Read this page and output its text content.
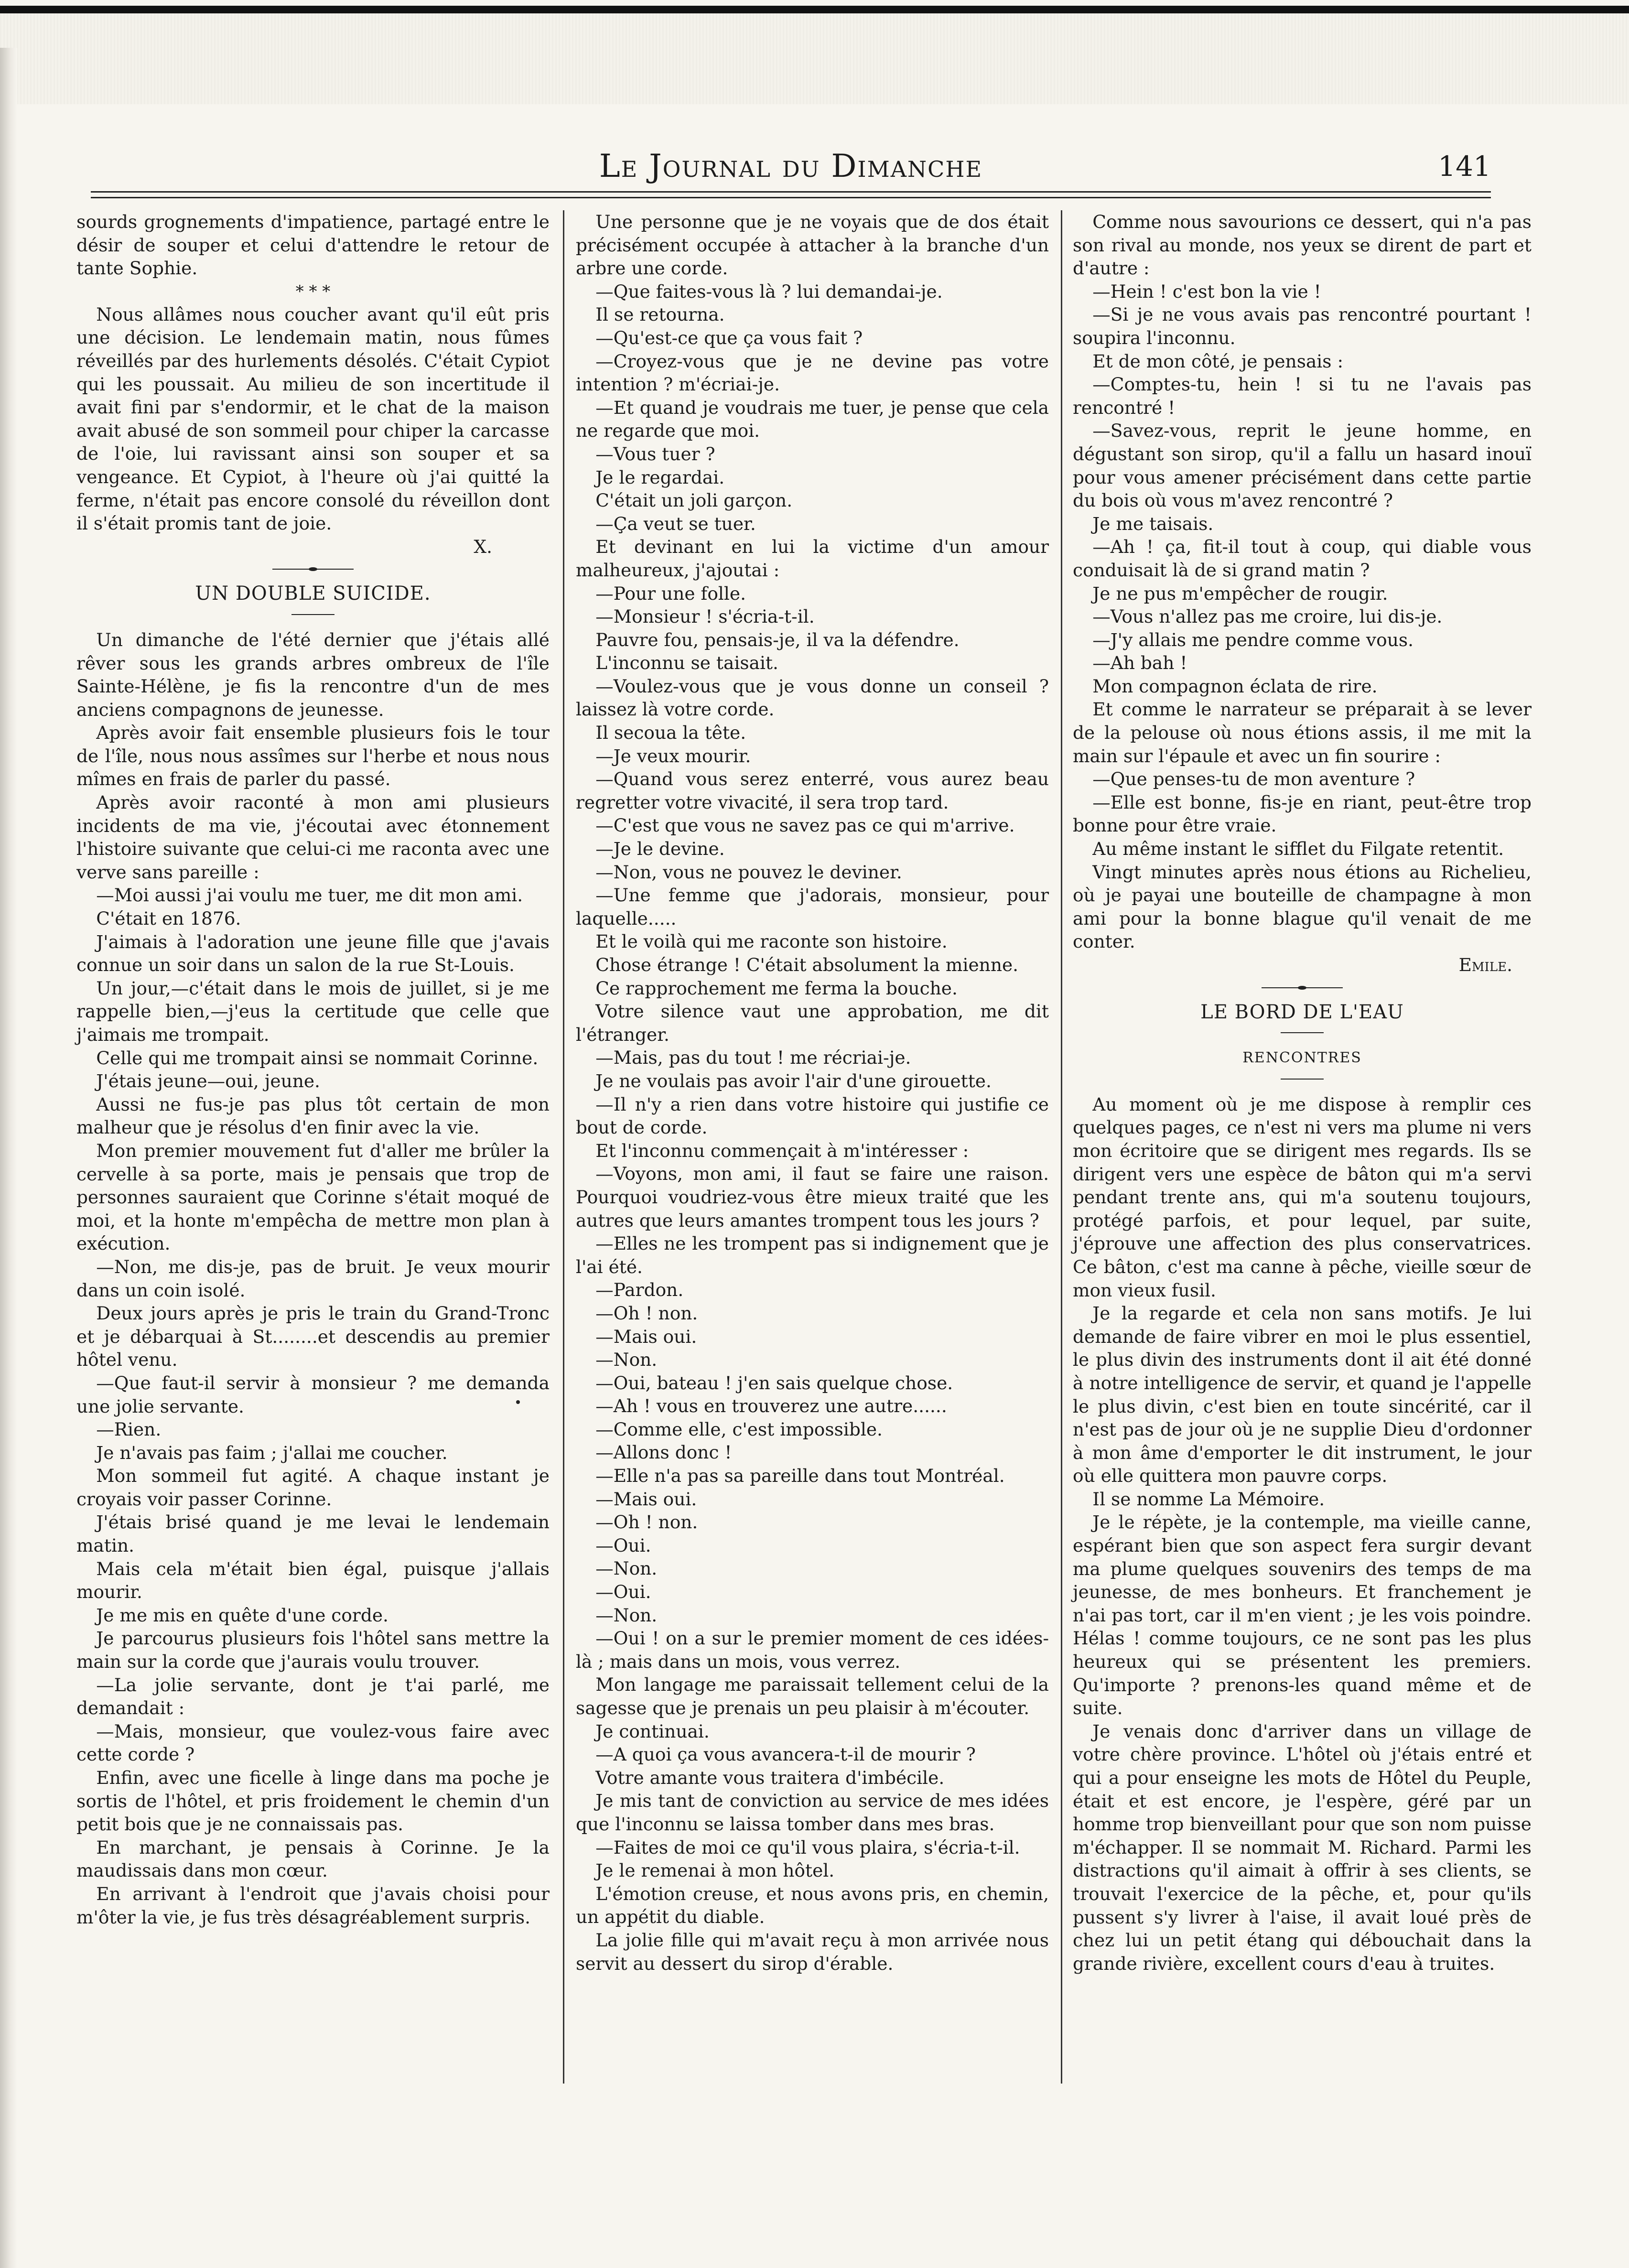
Le Journal du Dimanche	141

sourds grognements d'impatience, partagé entre le désir de souper et celui d'attendre le retour de tante Sophie.

* * *

Nous allâmes nous coucher avant qu'il eût pris une décision. Le lendemain matin, nous fûmes réveillés par des hurlements désolés. C'était Cypiot qui les poussait. Au milieu de son incertitude il avait fini par s'endormir, et le chat de la maison avait abusé de son sommeil pour chiper la carcasse de l'oie, lui ravissant ainsi son souper et sa vengeance. Et Cypiot, à l'heure où j'ai quitté la ferme, n'était pas encore consolé du réveillon dont il s'était promis tant de joie.

X.

UN DOUBLE SUICIDE.

Un dimanche de l'été dernier que j'étais allé rêver sous les grands arbres ombreux de l'île Sainte-Hélène, je fis la rencontre d'un de mes anciens compagnons de jeunesse.

Après avoir fait ensemble plusieurs fois le tour de l'île, nous nous assîmes sur l'herbe et nous nous mîmes en frais de parler du passé.

Après avoir raconté à mon ami plusieurs incidents de ma vie, j'écoutai avec étonnement l'histoire suivante que celui-ci me raconta avec une verve sans pareille :

—Moi aussi j'ai voulu me tuer, me dit mon ami.

C'était en 1876.

J'aimais à l'adoration une jeune fille que j'avais connue un soir dans un salon de la rue St-Louis.

Un jour,—c'était dans le mois de juillet, si je me rappelle bien,—j'eus la certitude que celle que j'aimais me trompait.

Celle qui me trompait ainsi se nommait Corinne.

J'étais jeune—oui, jeune.

Aussi ne fus-je pas plus tôt certain de mon malheur que je résolus d'en finir avec la vie.

Mon premier mouvement fut d'aller me brûler la cervelle à sa porte, mais je pensais que trop de personnes sauraient que Corinne s'était moqué de moi, et la honte m'empêcha de mettre mon plan à exécution.

—Non, me dis-je, pas de bruit. Je veux mourir dans un coin isolé.

Deux jours après je pris le train du Grand-Tronc et je débarquai à St........et descendis au premier hôtel venu.

—Que faut-il servir à monsieur ? me demanda une jolie servante.

—Rien.

Je n'avais pas faim ; j'allai me coucher.

Mon sommeil fut agité. A chaque instant je croyais voir passer Corinne.

J'étais brisé quand je me levai le lendemain matin.

Mais cela m'était bien égal, puisque j'allais mourir.

Je me mis en quête d'une corde.

Je parcourus plusieurs fois l'hôtel sans mettre la main sur la corde que j'aurais voulu trouver.

—La jolie servante, dont je t'ai parlé, me demandait :

—Mais, monsieur, que voulez-vous faire avec cette corde ?

Enfin, avec une ficelle à linge dans ma poche je sortis de l'hôtel, et pris froidement le chemin d'un petit bois que je ne connaissais pas.

En marchant, je pensais à Corinne. Je la maudissais dans mon cœur.

En arrivant à l'endroit que j'avais choisi pour m'ôter la vie, je fus très désagréablement surpris.

Une personne que je ne voyais que de dos était précisément occupée à attacher à la branche d'un arbre une corde.

—Que faites-vous là ? lui demandai-je.

Il se retourna.

—Qu'est-ce que ça vous fait ?

—Croyez-vous que je ne devine pas votre intention ? m'écriai-je.

—Et quand je voudrais me tuer, je pense que cela ne regarde que moi.

—Vous tuer ?

Je le regardai.

C'était un joli garçon.

—Ça veut se tuer.

Et devinant en lui la victime d'un amour malheureux, j'ajoutai :

—Pour une folle.

—Monsieur ! s'écria-t-il.

Pauvre fou, pensais-je, il va la défendre.

L'inconnu se taisait.

—Voulez-vous que je vous donne un conseil ? laissez là votre corde.

Il secoua la tête.

—Je veux mourir.

—Quand vous serez enterré, vous aurez beau regretter votre vivacité, il sera trop tard.

—C'est que vous ne savez pas ce qui m'arrive.

—Je le devine.

—Non, vous ne pouvez le deviner.

—Une femme que j'adorais, monsieur, pour laquelle.....

Et le voilà qui me raconte son histoire.

Chose étrange ! C'était absolument la mienne.

Ce rapprochement me ferma la bouche.

Votre silence vaut une approbation, me dit l'étranger.

—Mais, pas du tout ! me récriai-je.

Je ne voulais pas avoir l'air d'une girouette.

—Il n'y a rien dans votre histoire qui justifie ce bout de corde.

Et l'inconnu commençait à m'intéresser :

—Voyons, mon ami, il faut se faire une raison. Pourquoi voudriez-vous être mieux traité que les autres que leurs amantes trompent tous les jours ?

—Elles ne les trompent pas si indignement que je l'ai été.

—Pardon.

—Oh ! non.

—Mais oui.

—Non.

—Oui, bateau ! j'en sais quelque chose.

—Ah ! vous en trouverez une autre......

—Comme elle, c'est impossible.

—Allons donc !

—Elle n'a pas sa pareille dans tout Montréal.

—Mais oui.

—Oh ! non.

—Oui.

—Non.

—Oui.

—Non.

—Oui ! on a sur le premier moment de ces idées-là ; mais dans un mois, vous verrez.

Mon langage me paraissait tellement celui de la sagesse que je prenais un peu plaisir à m'écouter.

Je continuai.

—A quoi ça vous avancera-t-il de mourir ?

Votre amante vous traitera d'imbécile.

Je mis tant de conviction au service de mes idées que l'inconnu se laissa tomber dans mes bras.

—Faites de moi ce qu'il vous plaira, s'écria-t-il.

Je le remenai à mon hôtel.

L'émotion creuse, et nous avons pris, en chemin, un appétit du diable.

La jolie fille qui m'avait reçu à mon arrivée nous servit au dessert du sirop d'érable.

Comme nous savourions ce dessert, qui n'a pas son rival au monde, nos yeux se dirent de part et d'autre :

—Hein ! c'est bon la vie !

—Si je ne vous avais pas rencontré pourtant ! soupira l'inconnu.

Et de mon côté, je pensais :

—Comptes-tu, hein ! si tu ne l'avais pas rencontré !

—Savez-vous, reprit le jeune homme, en dégustant son sirop, qu'il a fallu un hasard inouï pour vous amener précisément dans cette partie du bois où vous m'avez rencontré ?

Je me taisais.

—Ah ! ça, fit-il tout à coup, qui diable vous conduisait là de si grand matin ?

Je ne pus m'empêcher de rougir.

—Vous n'allez pas me croire, lui dis-je.

—J'y allais me pendre comme vous.

—Ah bah !

Mon compagnon éclata de rire.

Et comme le narrateur se préparait à se lever de la pelouse où nous étions assis, il me mit la main sur l'épaule et avec un fin sourire :

—Que penses-tu de mon aventure ?

—Elle est bonne, fis-je en riant, peut-être trop bonne pour être vraie.

Au même instant le sifflet du Filgate retentit.

Vingt minutes après nous étions au Richelieu, où je payai une bouteille de champagne à mon ami pour la bonne blague qu'il venait de me conter.

Emile.

LE BORD DE L'EAU
RENCONTRES

Au moment où je me dispose à remplir ces quelques pages, ce n'est ni vers ma plume ni vers mon écritoire que se dirigent mes regards. Ils se dirigent vers une espèce de bâton qui m'a servi pendant trente ans, qui m'a soutenu toujours, protégé parfois, et pour lequel, par suite, j'éprouve une affection des plus conservatrices. Ce bâton, c'est ma canne à pêche, vieille sœur de mon vieux fusil.

Je la regarde et cela non sans motifs. Je lui demande de faire vibrer en moi le plus essentiel, le plus divin des instruments dont il ait été donné à notre intelligence de servir, et quand je l'appelle le plus divin, c'est bien en toute sincérité, car il n'est pas de jour où je ne supplie Dieu d'ordonner à mon âme d'emporter le dit instrument, le jour où elle quittera mon pauvre corps.

Il se nomme La Mémoire.

Je le répète, je la contemple, ma vieille canne, espérant bien que son aspect fera surgir devant ma plume quelques souvenirs des temps de ma jeunesse, de mes bonheurs. Et franchement je n'ai pas tort, car il m'en vient ; je les vois poindre. Hélas ! comme toujours, ce ne sont pas les plus heureux qui se présentent les premiers. Qu'importe ? prenons-les quand même et de suite.

Je venais donc d'arriver dans un village de votre chère province. L'hôtel où j'étais entré et qui a pour enseigne les mots de Hôtel du Peuple, était et est encore, je l'espère, géré par un homme trop bienveillant pour que son nom puisse m'échapper. Il se nommait M. Richard. Parmi les distractions qu'il aimait à offrir à ses clients, se trouvait l'exercice de la pêche, et, pour qu'ils pussent s'y livrer à l'aise, il avait loué près de chez lui un petit étang qui débouchait dans la grande rivière, excellent cours d'eau à truites.
